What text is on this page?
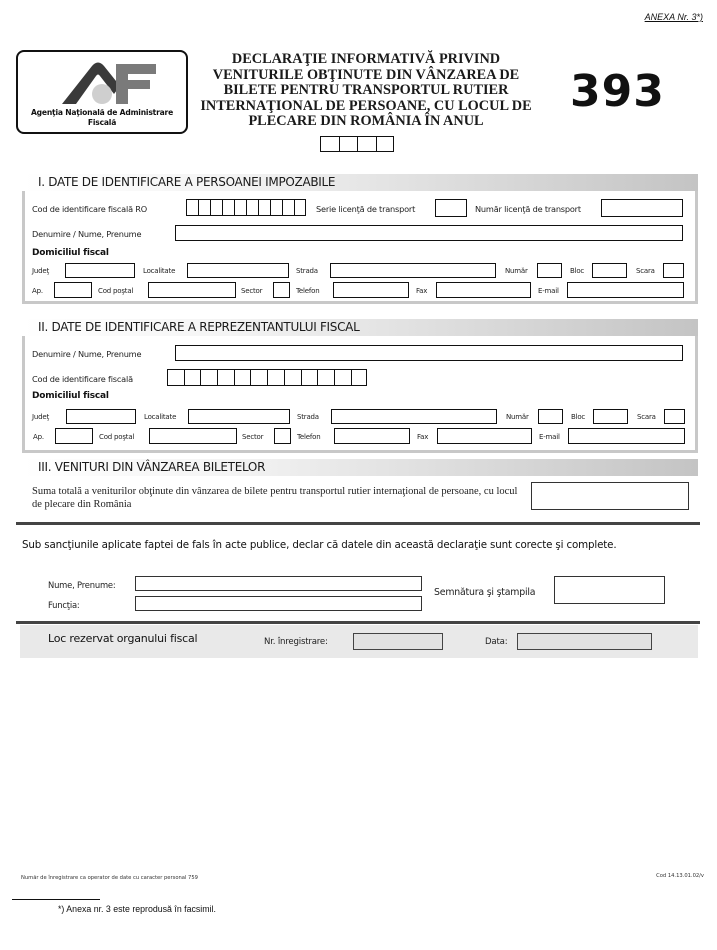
ANEXA Nr. 3*)
Agenţia Naţională de Administrare
Fiscală
DECLARAŢIE INFORMATIVĂ PRIVIND
VENITURILE OBŢINUTE DIN VÂNZAREA DE
BILETE PENTRU TRANSPORTUL RUTIER
INTERNAŢIONAL DE PERSOANE, CU LOCUL DE
PLECARE DIN ROMÂNIA ÎN ANUL
393
I. DATE DE IDENTIFICARE A PERSOANEI IMPOZABILE
Cod de identificare fiscală RO	Serie licenţă de transport	Număr licenţă de transport
Denumire / Nume, Prenume
Domiciliul fiscal
Judeţ	Localitate	Strada	Număr	Bloc	Scara
Ap.	Cod poştal	Sector	Telefon	Fax	E-mail
II. DATE DE IDENTIFICARE A REPREZENTANTULUI FISCAL
Denumire / Nume, Prenume
Cod de identificare fiscală
Domiciliul fiscal
Judeţ	Localitate	Strada	Număr	Bloc	Scara
Ap.	Cod poştal	Sector	Telefon	Fax	E-mail
III. VENITURI DIN VÂNZAREA BILETELOR
Suma totală a veniturilor obţinute din vânzarea de bilete pentru transportul rutier internaţional de persoane, cu locul de plecare din România
Sub sancţiunile aplicate faptei de fals în acte publice, declar că datele din această declaraţie sunt corecte şi complete.
Nume, Prenume:
Funcţia:
Semnătura şi ştampila
Loc rezervat organului fiscal	Nr. înregistrare:	Data:
Număr de înregistrare ca operator de date cu caracter personal 759	Cod 14.13.01.02/v
*) Anexa nr. 3 este reprodusă în facsimil.
